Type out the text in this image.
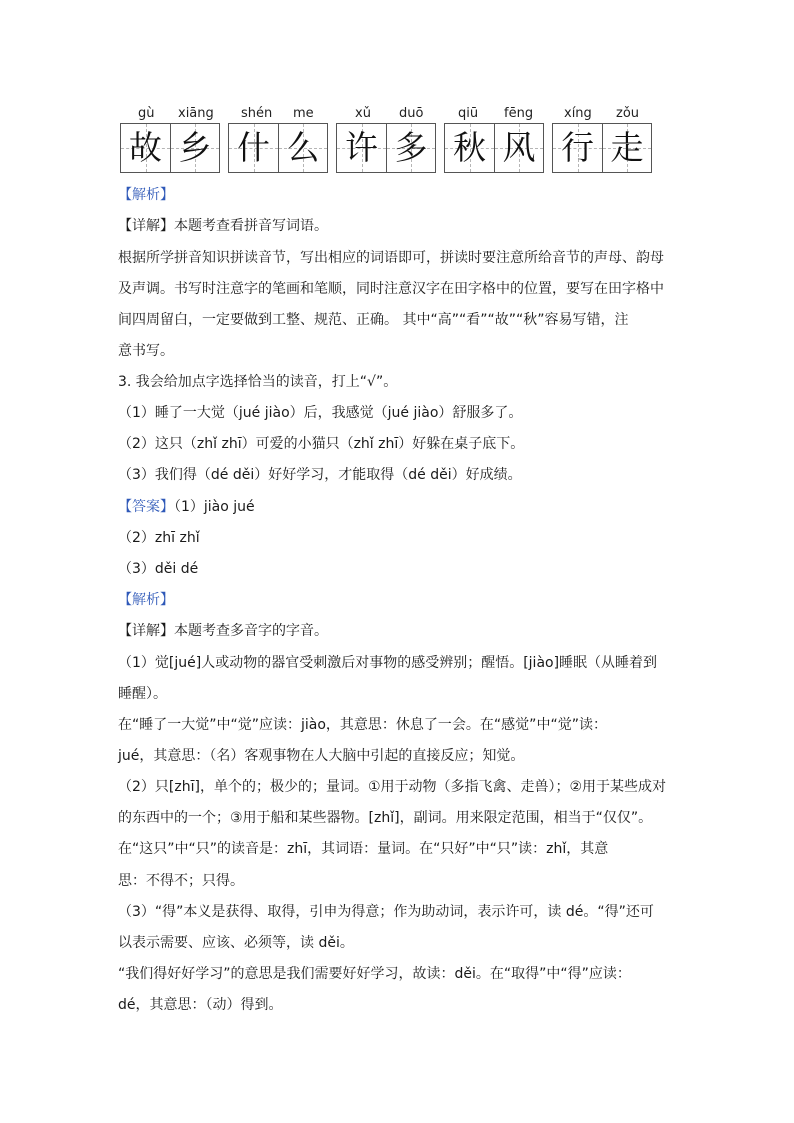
gù xiāng shén me	xǔ duō	qiū fēng xíng zǒu
故 乡 什 么 许 多 秋 风 行 走
【解析】
【详解】本题考查看拼音写词语。
根据所学拼音知识拼读音节，写出相应的词语即可，拼读时要注意所给音节的声母、韵母
及声调。书写时注意字的笔画和笔顺，同时注意汉字在田字格中的位置，要写在田字格中
间四周留白，一定要做到工整、规范、正确。 其中“高”“看”“故”“秋”容易写错，注
意书写。
3. 我会给加点字选择恰当的读音，打上“√”。
（1）睡了一大觉（jué jiào）后，我感觉（jué jiào）舒服多了。
（2）这只（zhǐ zhī）可爱的小猫只（zhǐ zhī）好躲在桌子底下。
（3）我们得（dé děi）好好学习，才能取得（dé děi）好成绩。
【答案】（1）jiào jué
（2）zhī zhǐ
（3）děi dé
【解析】
【详解】本题考查多音字的字音。
（1）觉[jué]人或动物的器官受刺激后对事物的感受辨别；醒悟。[jiào]睡眠（从睡着到
睡醒）。
在“睡了一大觉”中“觉”应读：jiào，其意思：休息了一会。在“感觉”中“觉”读：
jué，其意思：（名）客观事物在人大脑中引起的直接反应；知觉。
（2）只[zhī]，单个的；极少的；量词。①用于动物（多指飞禽、走兽）；②用于某些成对
的东西中的一个；③用于船和某些器物。[zhǐ]，副词。用来限定范围，相当于“仅仅”。
在“这只”中“只”的读音是：zhī，其词语：量词。在“只好”中“只”读：zhǐ，其意
思：不得不；只得。
（3）“得”本义是获得、取得，引申为得意；作为助动词，表示许可，读 dé。“得”还可
以表示需要、应该、必须等，读 děi。
“我们得好好学习”的意思是我们需要好好学习，故读：děi。在“取得”中“得”应读：
dé，其意思：（动）得到。
